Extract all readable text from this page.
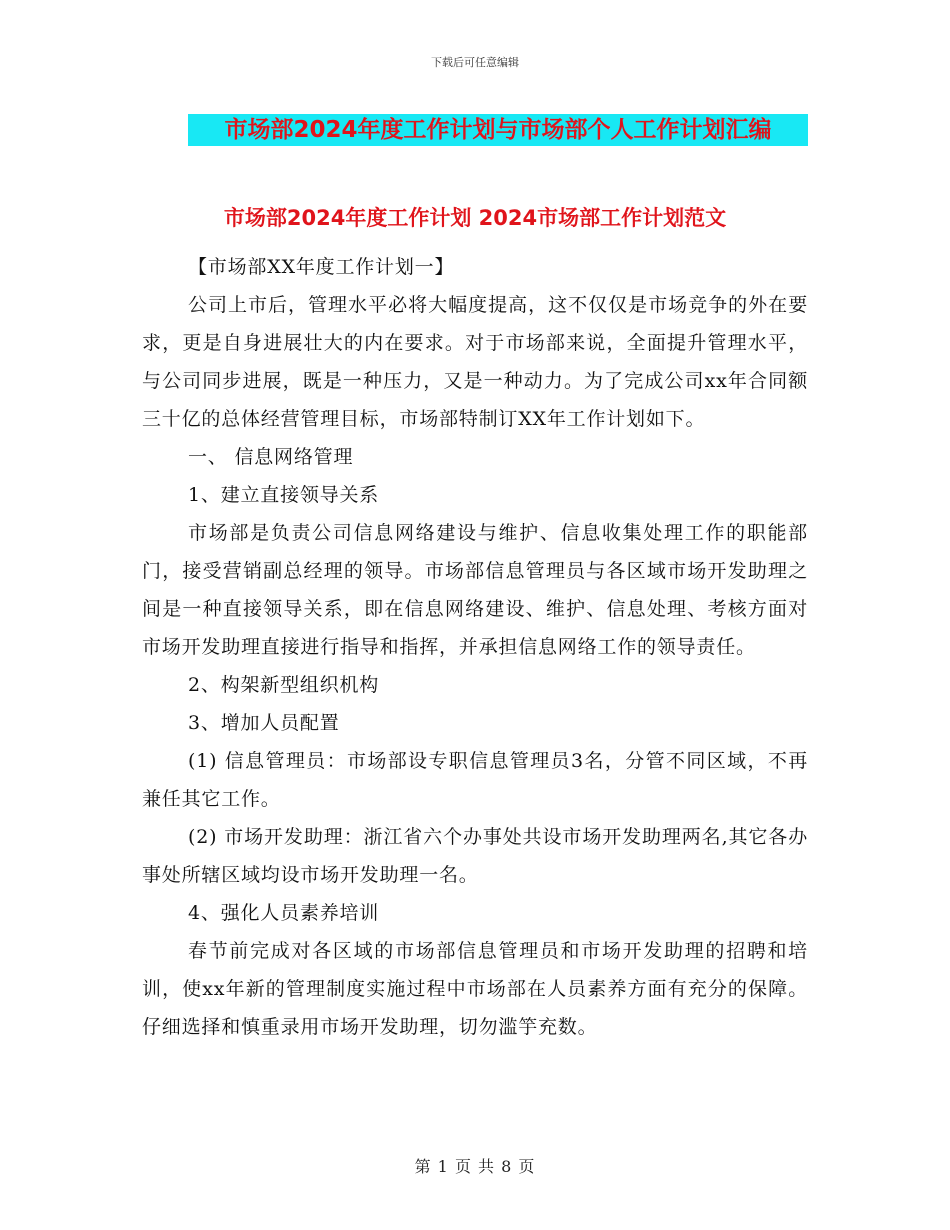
下载后可任意编辑
市场部2024年度工作计划与市场部个人工作计划汇编
市场部2024年度工作计划 2024市场部工作计划范文

【市场部XX年度工作计划一】

公司上市后，管理水平必将大幅度提高，这不仅仅是市场竞争的外在要求，更是自身进展壮大的内在要求。对于市场部来说，全面提升管理水平，与公司同步进展，既是一种压力，又是一种动力。为了完成公司xx年合同额三十亿的总体经营管理目标，市场部特制订XX年工作计划如下。

一、 信息网络管理

1、建立直接领导关系

市场部是负责公司信息网络建设与维护、信息收集处理工作的职能部门，接受营销副总经理的领导。市场部信息管理员与各区域市场开发助理之间是一种直接领导关系，即在信息网络建设、维护、信息处理、考核方面对市场开发助理直接进行指导和指挥，并承担信息网络工作的领导责任。

2、构架新型组织机构

3、增加人员配置

(1) 信息管理员：市场部设专职信息管理员3名，分管不同区域，不再兼任其它工作。

(2) 市场开发助理：浙江省六个办事处共设市场开发助理两名,其它各办事处所辖区域均设市场开发助理一名。

4、强化人员素养培训

春节前完成对各区域的市场部信息管理员和市场开发助理的招聘和培训，使xx年新的管理制度实施过程中市场部在人员素养方面有充分的保障。仔细选择和慎重录用市场开发助理，切勿滥竽充数。

第 1 页 共 8 页
